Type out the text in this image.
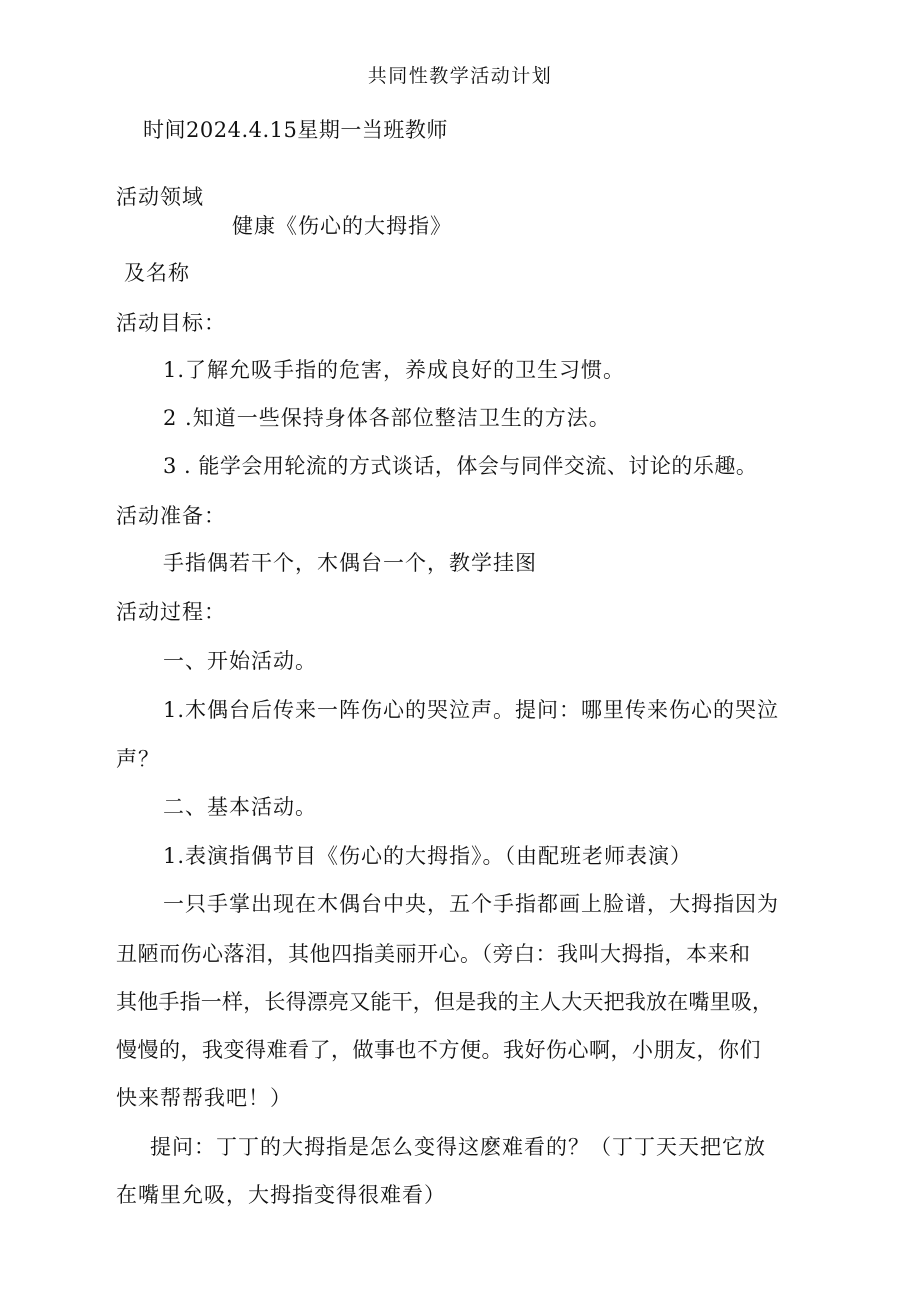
共同性教学活动计划
时间2024.4.15星期一当班教师
活动领域
健康《伤心的大拇指》
及名称
活动目标：
1.了解允吸手指的危害，养成良好的卫生习惯。
2 .知道一些保持身体各部位整洁卫生的方法。
3 . 能学会用轮流的方式谈话，体会与同伴交流、讨论的乐趣。
活动准备：
手指偶若干个，木偶台一个，教学挂图
活动过程：
一、开始活动。
1.木偶台后传来一阵伤心的哭泣声。提问：哪里传来伤心的哭泣
声？
二、基本活动。
1.表演指偶节目《伤心的大拇指》。（由配班老师表演）
一只手掌出现在木偶台中央，五个手指都画上脸谱，大拇指因为
丑陋而伤心落泪，其他四指美丽开心。（旁白：我叫大拇指，本来和
其他手指一样，长得漂亮又能干，但是我的主人大天把我放在嘴里吸，
慢慢的，我变得难看了，做事也不方便。我好伤心啊，小朋友，你们
快来帮帮我吧！）
提问：丁丁的大拇指是怎么变得这麽难看的？（丁丁天天把它放
在嘴里允吸，大拇指变得很难看）
